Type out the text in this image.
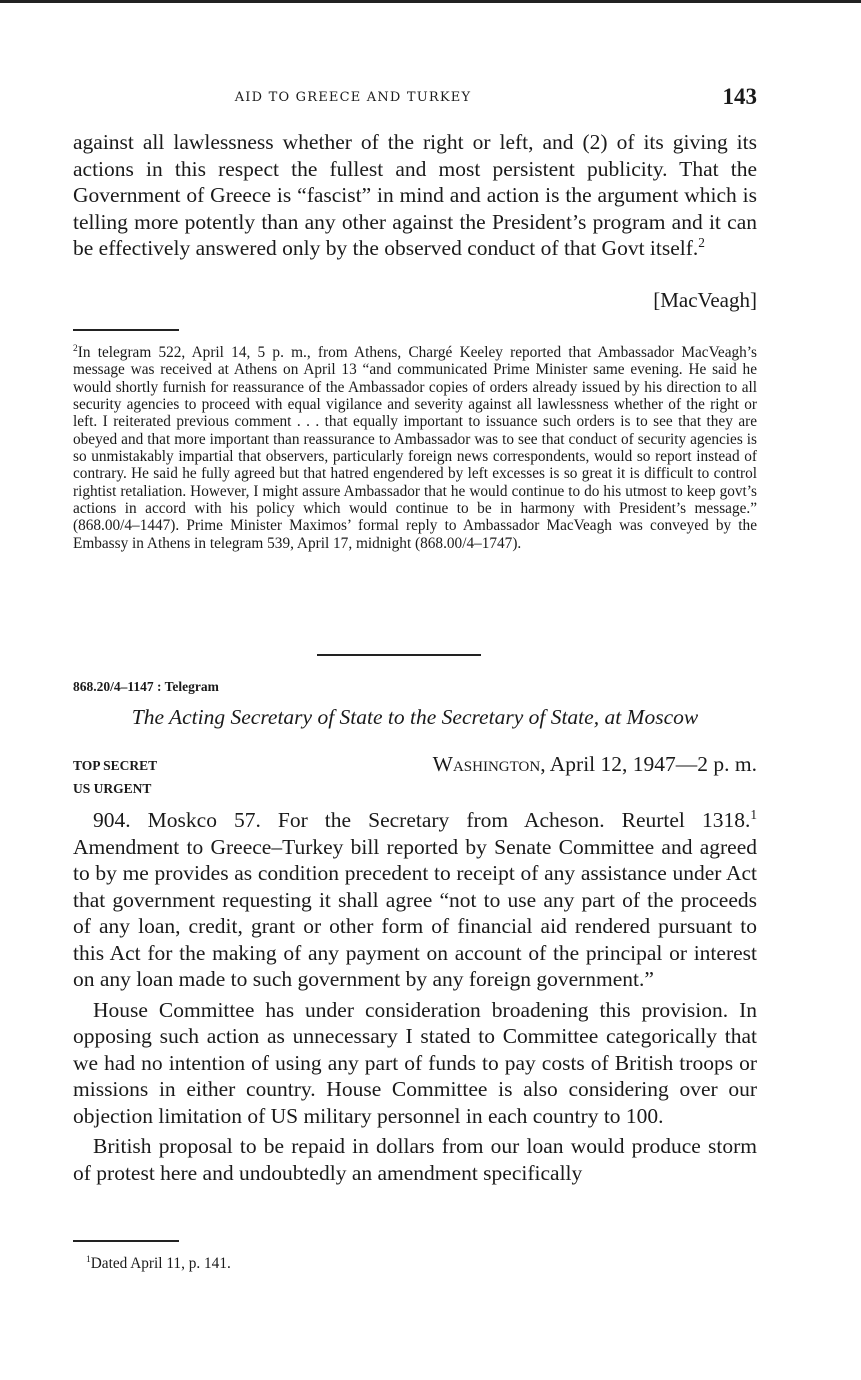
AID TO GREECE AND TURKEY	143

against all lawlessness whether of the right or left, and (2) of its giving its actions in this respect the fullest and most persistent publicity. That the Government of Greece is “fascist” in mind and action is the argument which is telling more potently than any other against the President’s program and it can be effectively answered only by the observed conduct of that Govt itself.$^2$

[MacVeagh]

$^2$In telegram 522, April 14, 5 p. m., from Athens, Chargé Keeley reported that Ambassador MacVeagh’s message was received at Athens on April 13 “and communicated Prime Minister same evening. He said he would shortly furnish for reassurance of the Ambassador copies of orders already issued by his direction to all security agencies to proceed with equal vigilance and severity against all lawlessness whether of the right or left. I reiterated previous comment . . . that equally important to issuance such orders is to see that they are obeyed and that more important than reassurance to Ambassador was to see that conduct of security agencies is so unmistakably impartial that observers, particularly foreign news correspondents, would so report instead of contrary. He said he fully agreed but that hatred engendered by left excesses is so great it is difficult to control rightist retaliation. However, I might assure Ambassador that he would continue to do his utmost to keep govt’s actions in accord with his policy which would continue to be in harmony with President’s message.” (868.00/4–1447). Prime Minister Maximos’ formal reply to Ambassador MacVeagh was conveyed by the Embassy in Athens in telegram 539, April 17, midnight (868.00/4–1747).

868.20/4–1147 : Telegram
The Acting Secretary of State to the Secretary of State, at Moscow
TOP SECRET
US URGENT
Washington, April 12, 1947—2 p. m.

904. Moskco 57. For the Secretary from Acheson. Reurtel 1318.$^1$ Amendment to Greece–Turkey bill reported by Senate Committee and agreed to by me provides as condition precedent to receipt of any assistance under Act that government requesting it shall agree “not to use any part of the proceeds of any loan, credit, grant or other form of financial aid rendered pursuant to this Act for the making of any payment on account of the principal or interest on any loan made to such government by any foreign government.”

House Committee has under consideration broadening this provision. In opposing such action as unnecessary I stated to Committee categorically that we had no intention of using any part of funds to pay costs of British troops or missions in either country. House Committee is also considering over our objection limitation of US military personnel in each country to 100.

British proposal to be repaid in dollars from our loan would produce storm of protest here and undoubtedly an amendment specifically

$^1$Dated April 11, p. 141.
